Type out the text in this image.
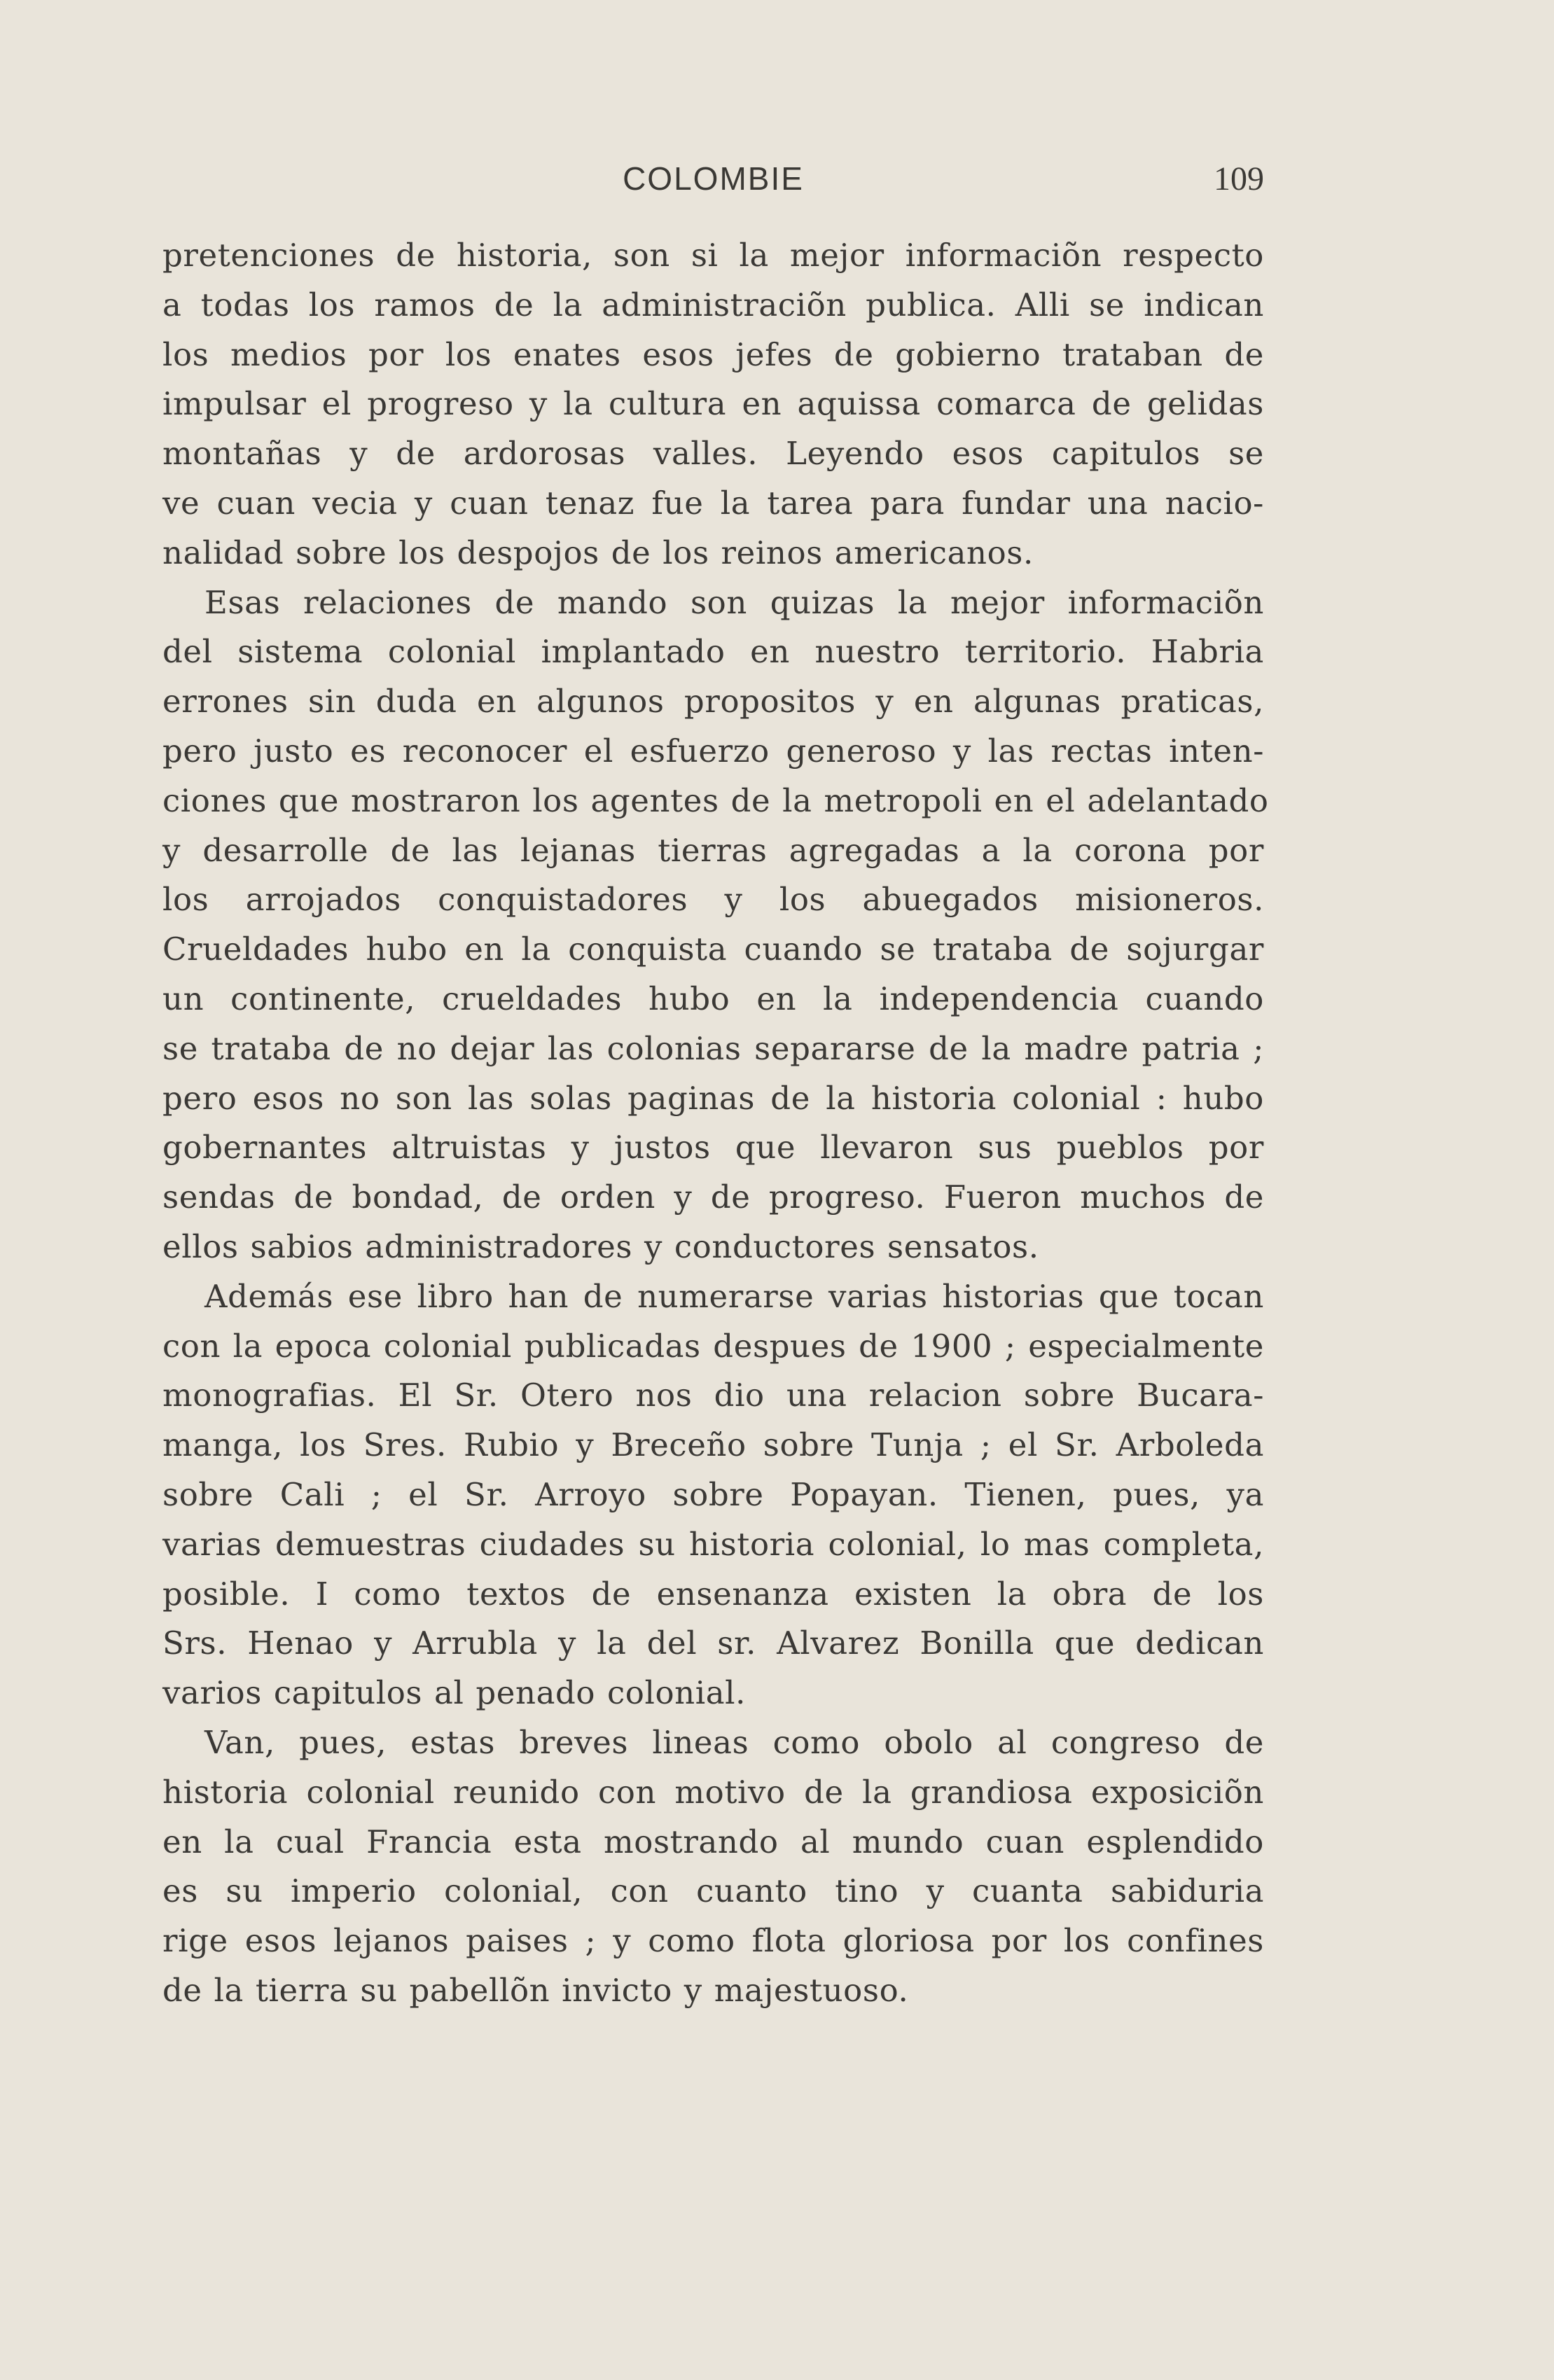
COLOMBIE	109
pretenciones de historia, son si la mejor informaciõn respecto
a todas los ramos de la administraciõn publica. Alli se indican
los medios por los enates esos jefes de gobierno trataban de
impulsar el progreso y la cultura en aquissa comarca de gelidas
montañas y de ardorosas valles. Leyendo esos capitulos se
ve cuan vecia y cuan tenaz fue la tarea para fundar una nacio-
nalidad sobre los despojos de los reinos americanos.
Esas relaciones de mando son quizas la mejor informaciõn
del sistema colonial implantado en nuestro territorio. Habria
errones sin duda en algunos propositos y en algunas praticas,
pero justo es reconocer el esfuerzo generoso y las rectas inten-
ciones que mostraron los agentes de la metropoli en el adelantado
y desarrolle de las lejanas tierras agregadas a la corona por
los arrojados conquistadores y los abuegados misioneros.
Crueldades hubo en la conquista cuando se trataba de sojurgar
un continente, crueldades hubo en la independencia cuando
se trataba de no dejar las colonias separarse de la madre patria ;
pero esos no son las solas paginas de la historia colonial : hubo
gobernantes altruistas y justos que llevaron sus pueblos por
sendas de bondad, de orden y de progreso. Fueron muchos de
ellos sabios administradores y conductores sensatos.
Además ese libro han de numerarse varias historias que tocan
con la epoca colonial publicadas despues de 1900 ; especialmente
monografias. El Sr. Otero nos dio una relacion sobre Bucara-
manga, los Sres. Rubio y Breceño sobre Tunja ; el Sr. Arboleda
sobre Cali ; el Sr. Arroyo sobre Popayan. Tienen, pues, ya
varias demuestras ciudades su historia colonial, lo mas completa,
posible. I como textos de ensenanza existen la obra de los
Srs. Henao y Arrubla y la del sr. Alvarez Bonilla que dedican
varios capitulos al penado colonial.
Van, pues, estas breves lineas como obolo al congreso de
historia colonial reunido con motivo de la grandiosa exposiciõn
en la cual Francia esta mostrando al mundo cuan esplendido
es su imperio colonial, con cuanto tino y cuanta sabiduria
rige esos lejanos paises ; y como flota gloriosa por los confines
de la tierra su pabellõn invicto y majestuoso.
